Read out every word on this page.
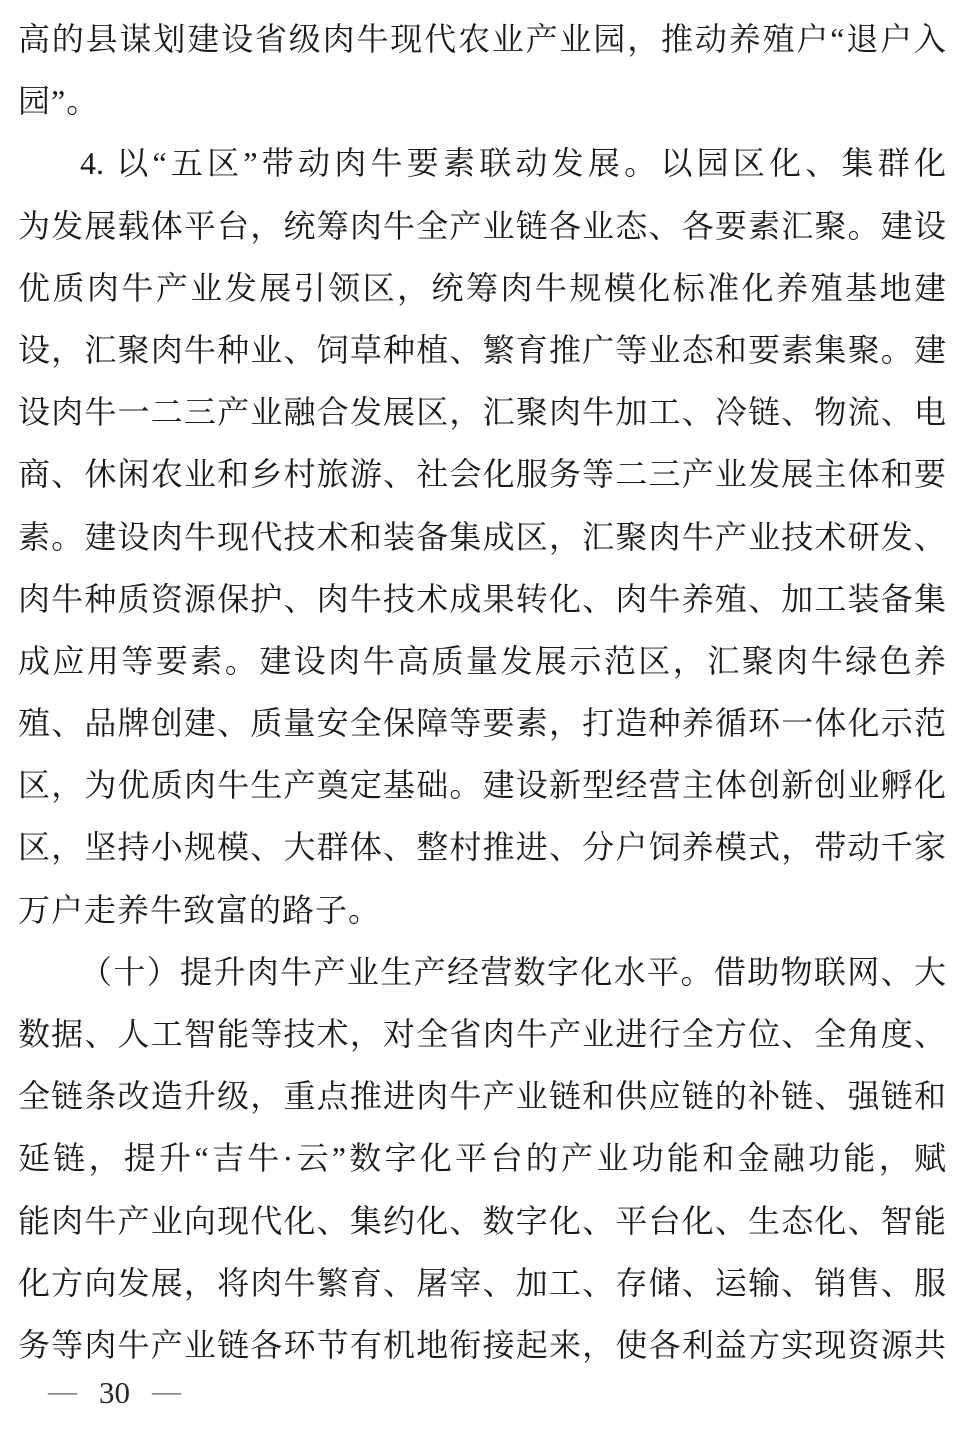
高的县谋划建设省级肉牛现代农业产业园，推动养殖户“退户入
园”。
4. 以“五区”带动肉牛要素联动发展。以园区化、集群化
为发展载体平台，统筹肉牛全产业链各业态、各要素汇聚。建设
优质肉牛产业发展引领区，统筹肉牛规模化标准化养殖基地建
设，汇聚肉牛种业、饲草种植、繁育推广等业态和要素集聚。建
设肉牛一二三产业融合发展区，汇聚肉牛加工、冷链、物流、电
商、休闲农业和乡村旅游、社会化服务等二三产业发展主体和要
素。建设肉牛现代技术和装备集成区，汇聚肉牛产业技术研发、
肉牛种质资源保护、肉牛技术成果转化、肉牛养殖、加工装备集
成应用等要素。建设肉牛高质量发展示范区，汇聚肉牛绿色养
殖、品牌创建、质量安全保障等要素，打造种养循环一体化示范
区，为优质肉牛生产奠定基础。建设新型经营主体创新创业孵化
区，坚持小规模、大群体、整村推进、分户饲养模式，带动千家
万户走养牛致富的路子。
（十）提升肉牛产业生产经营数字化水平。借助物联网、大
数据、人工智能等技术，对全省肉牛产业进行全方位、全角度、
全链条改造升级，重点推进肉牛产业链和供应链的补链、强链和
延链，提升“吉牛·云”数字化平台的产业功能和金融功能，赋
能肉牛产业向现代化、集约化、数字化、平台化、生态化、智能
化方向发展，将肉牛繁育、屠宰、加工、存储、运输、销售、服
务等肉牛产业链各环节有机地衔接起来，使各利益方实现资源共
— 30 —
